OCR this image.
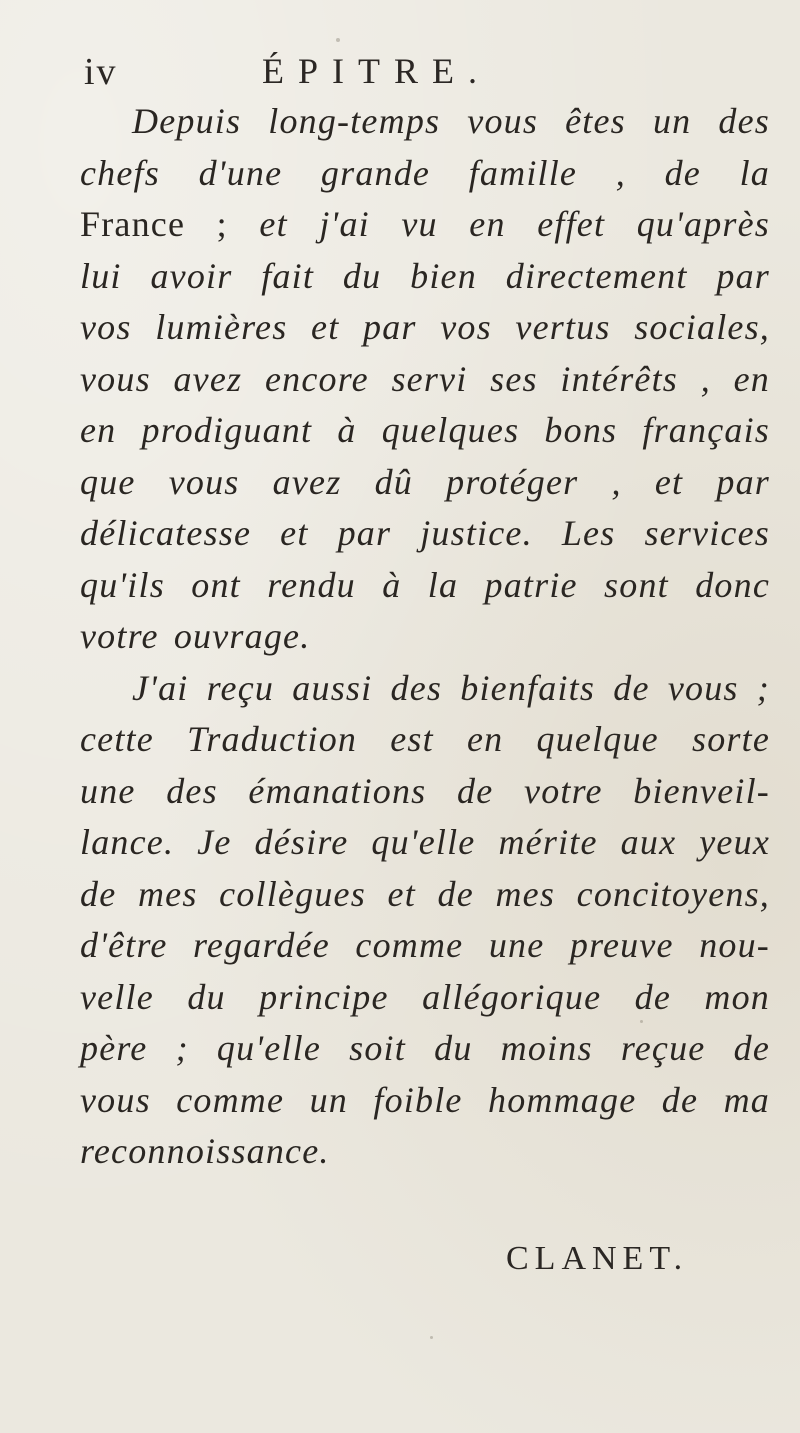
iv	ÉPITRE.
Depuis long-temps vous êtes un des
chefs d'une grande famille , de la
France ; et j'ai vu en effet qu'après
lui avoir fait du bien directement par
vos lumières et par vos vertus sociales,
vous avez encore servi ses intérêts , en
en prodiguant à quelques bons français
que vous avez dû protéger , et par
délicatesse et par justice. Les services
qu'ils ont rendu à la patrie sont donc
votre ouvrage.
J'ai reçu aussi des bienfaits de vous ;
cette Traduction est en quelque sorte
une des émanations de votre bienveil-
lance. Je désire qu'elle mérite aux yeux
de mes collègues et de mes concitoyens,
d'être regardée comme une preuve nou-
velle du principe allégorique de mon
père ; qu'elle soit du moins reçue de
vous comme un foible hommage de ma
reconnoissance.
CLANET.
